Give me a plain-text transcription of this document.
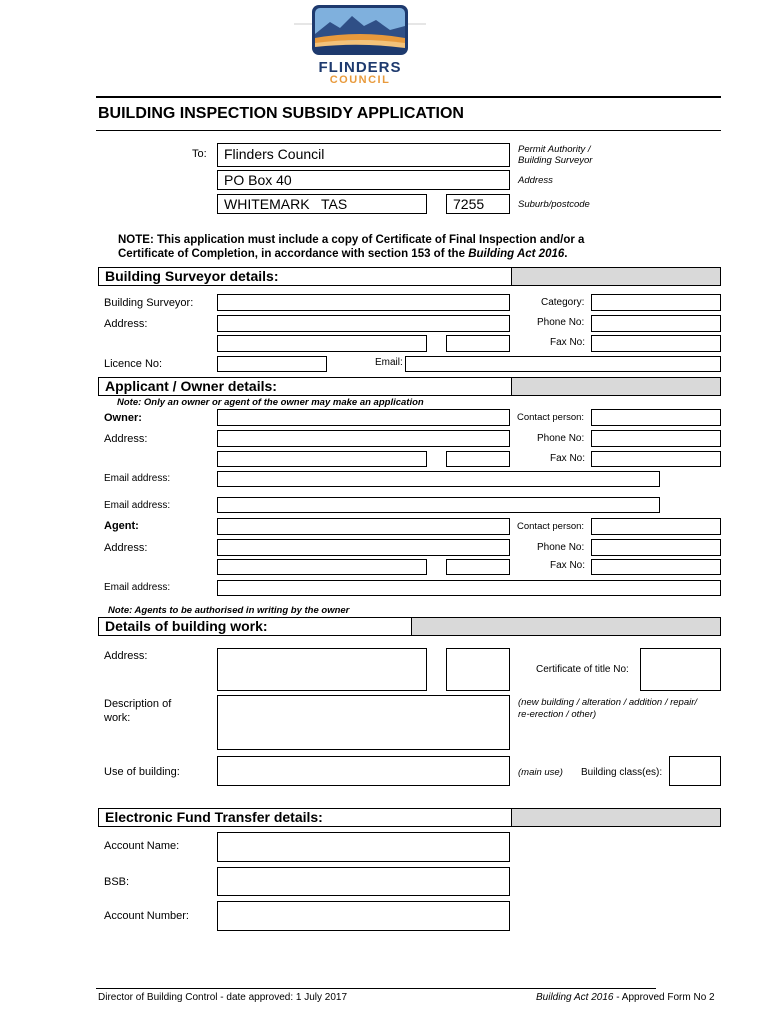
FLINDERS
COUNCIL
BUILDING INSPECTION SUBSIDY APPLICATION
To: Flinders Council	Permit Authority /
Building Surveyor
PO Box 40	Address
WHITEMARK   TAS	7255	Suburb/postcode
NOTE: This application must include a copy of Certificate of Final Inspection and/or a
Certificate of Completion, in accordance with section 153 of the Building Act 2016.
Building Surveyor details:
Building Surveyor:	Category:
Address:	Phone No:
Fax No:
Licence No:	Email:
Applicant / Owner details:
Note: Only an owner or agent of the owner may make an application
Owner:	Contact person:
Address:	Phone No:
Fax No:
Email address:
Email address:
Agent:	Contact person:
Address:	Phone No:
Fax No:
Email address:
Note: Agents to be authorised in writing by the owner
Details of building work:
Address:
Certificate of title No:
Description of
work:
(new building / alteration / addition / repair/
re-erection / other)
Use of building:	(main use) Building class(es):
Electronic Fund Transfer details:
Account Name:
BSB:
Account Number:
Director of Building Control - date approved: 1 July 2017	Building Act 2016 - Approved Form No 2
